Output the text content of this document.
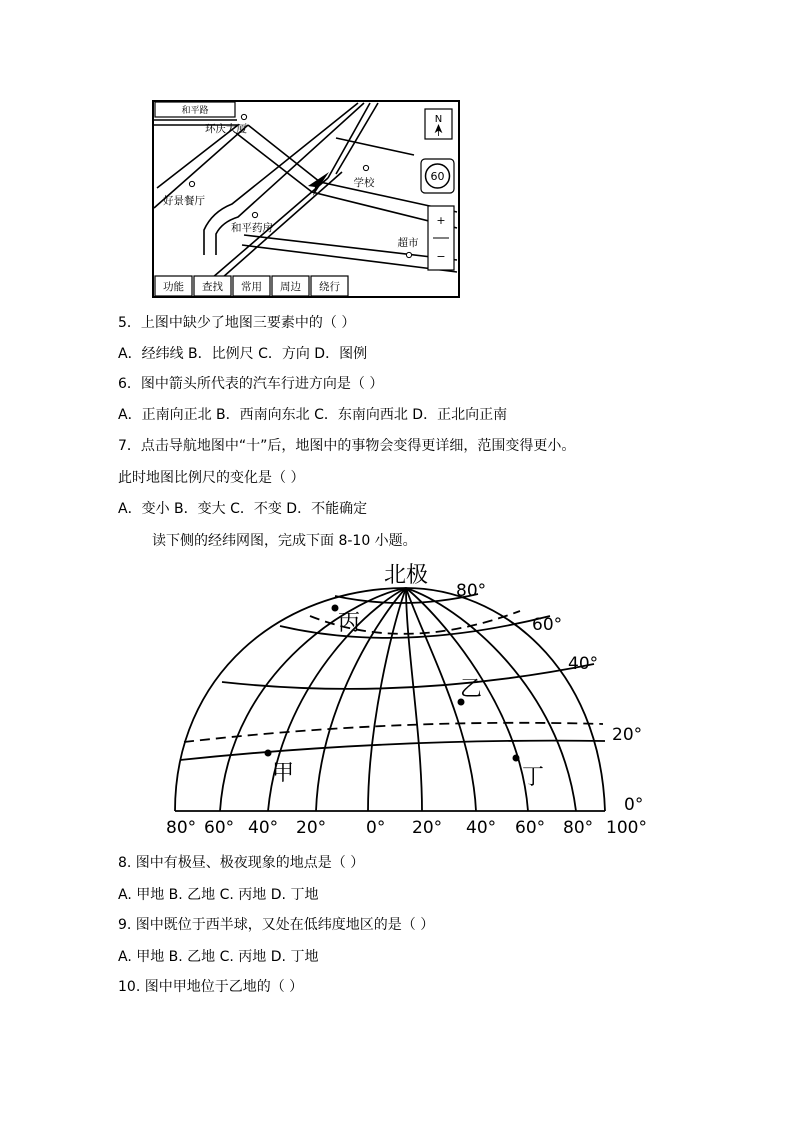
和平路
环庆大厦
好景餐厅
和平药房
学校
超市
N
60
+
−
功能 查找 常用 周边 绕行
5．上图中缺少了地图三要素中的（ ）
A．经纬线 B．比例尺 C．方向 D．图例
6．图中箭头所代表的汽车行进方向是（ ）
A．正南向正北 B．西南向东北 C．东南向西北 D．正北向正南
7．点击导航地图中“十”后，地图中的事物会变得更详细，范围变得更小。
此时地图比例尺的变化是（ ）
A．变小 B．变大 C．不变 D．不能确定
读下侧的经纬网图，完成下面 8-10 小题。
丙
乙
甲	丁
北极
80°
60°
40°
20°
0°
80° 60° 40° 20° 0° 20° 40° 60° 80° 100°
8. 图中有极昼、极夜现象的地点是（ ）
A. 甲地 B. 乙地 C. 丙地 D. 丁地
9. 图中既位于西半球，又处在低纬度地区的是（ ）
A. 甲地 B. 乙地 C. 丙地 D. 丁地
10. 图中甲地位于乙地的（ ）
